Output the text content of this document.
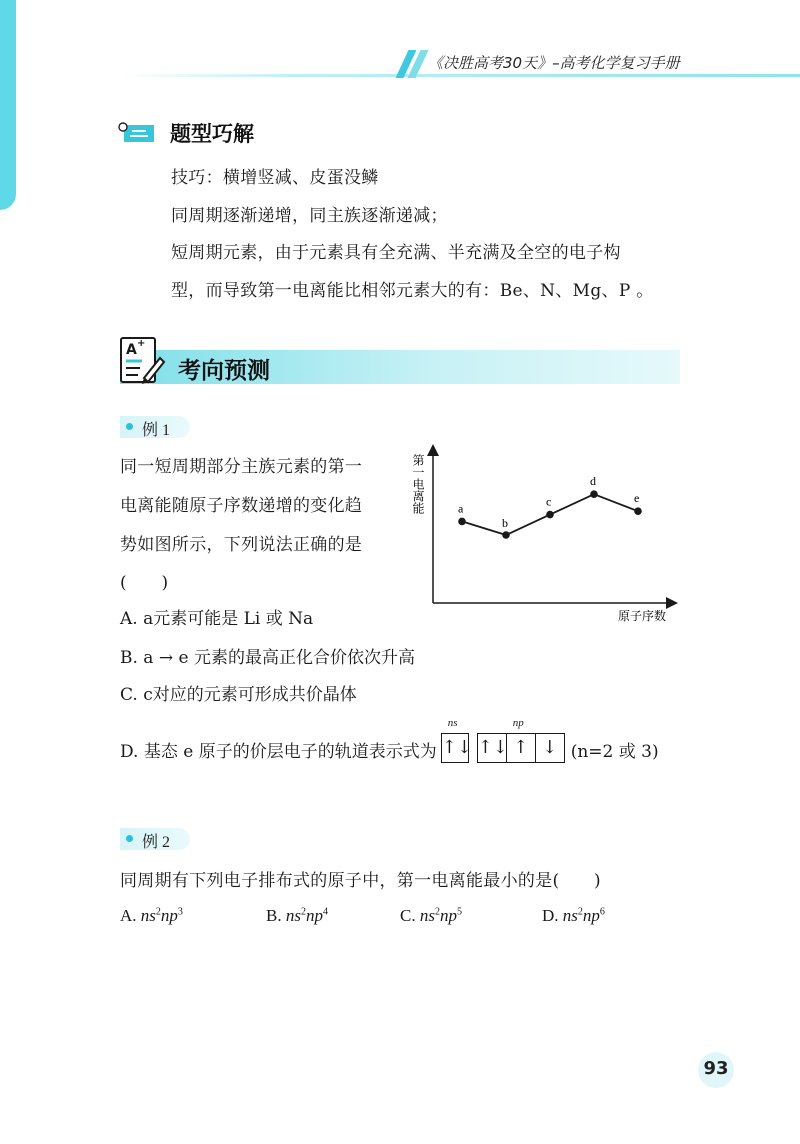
《决胜高考30天》–高考化学复习手册
题型巧解
技巧：横增竖减、皮蛋没鳞
同周期逐渐递增，同主族逐渐递减；
短周期元素，由于元素具有全充满、半充满及全空的电子构
型，而导致第一电离能比相邻元素大的有：Be、N、Mg、P 。
A +
考向预测
例 1
同一短周期部分主族元素的第一
电离能随原子序数递增的变化趋
势如图所示，下列说法正确的是
(　　)
第一电离能
原子序数
a
b
c
d
e
A. a元素可能是 Li 或 Na
B. a → e 元素的最高正化合价依次升高
C. c对应的元素可形成共价晶体
D. 基态 e 原子的价层电子的轨道表示式为
ns
↑↓
np
↑↓ ↑ ↓ (n=2 或 3)
例 2
同周期有下列电子排布式的原子中，第一电离能最小的是(　　)
A. $ns^2np^3$	B. $ns^2np^4$	C. $ns^2np^5$	D. $ns^2np^6$
93
